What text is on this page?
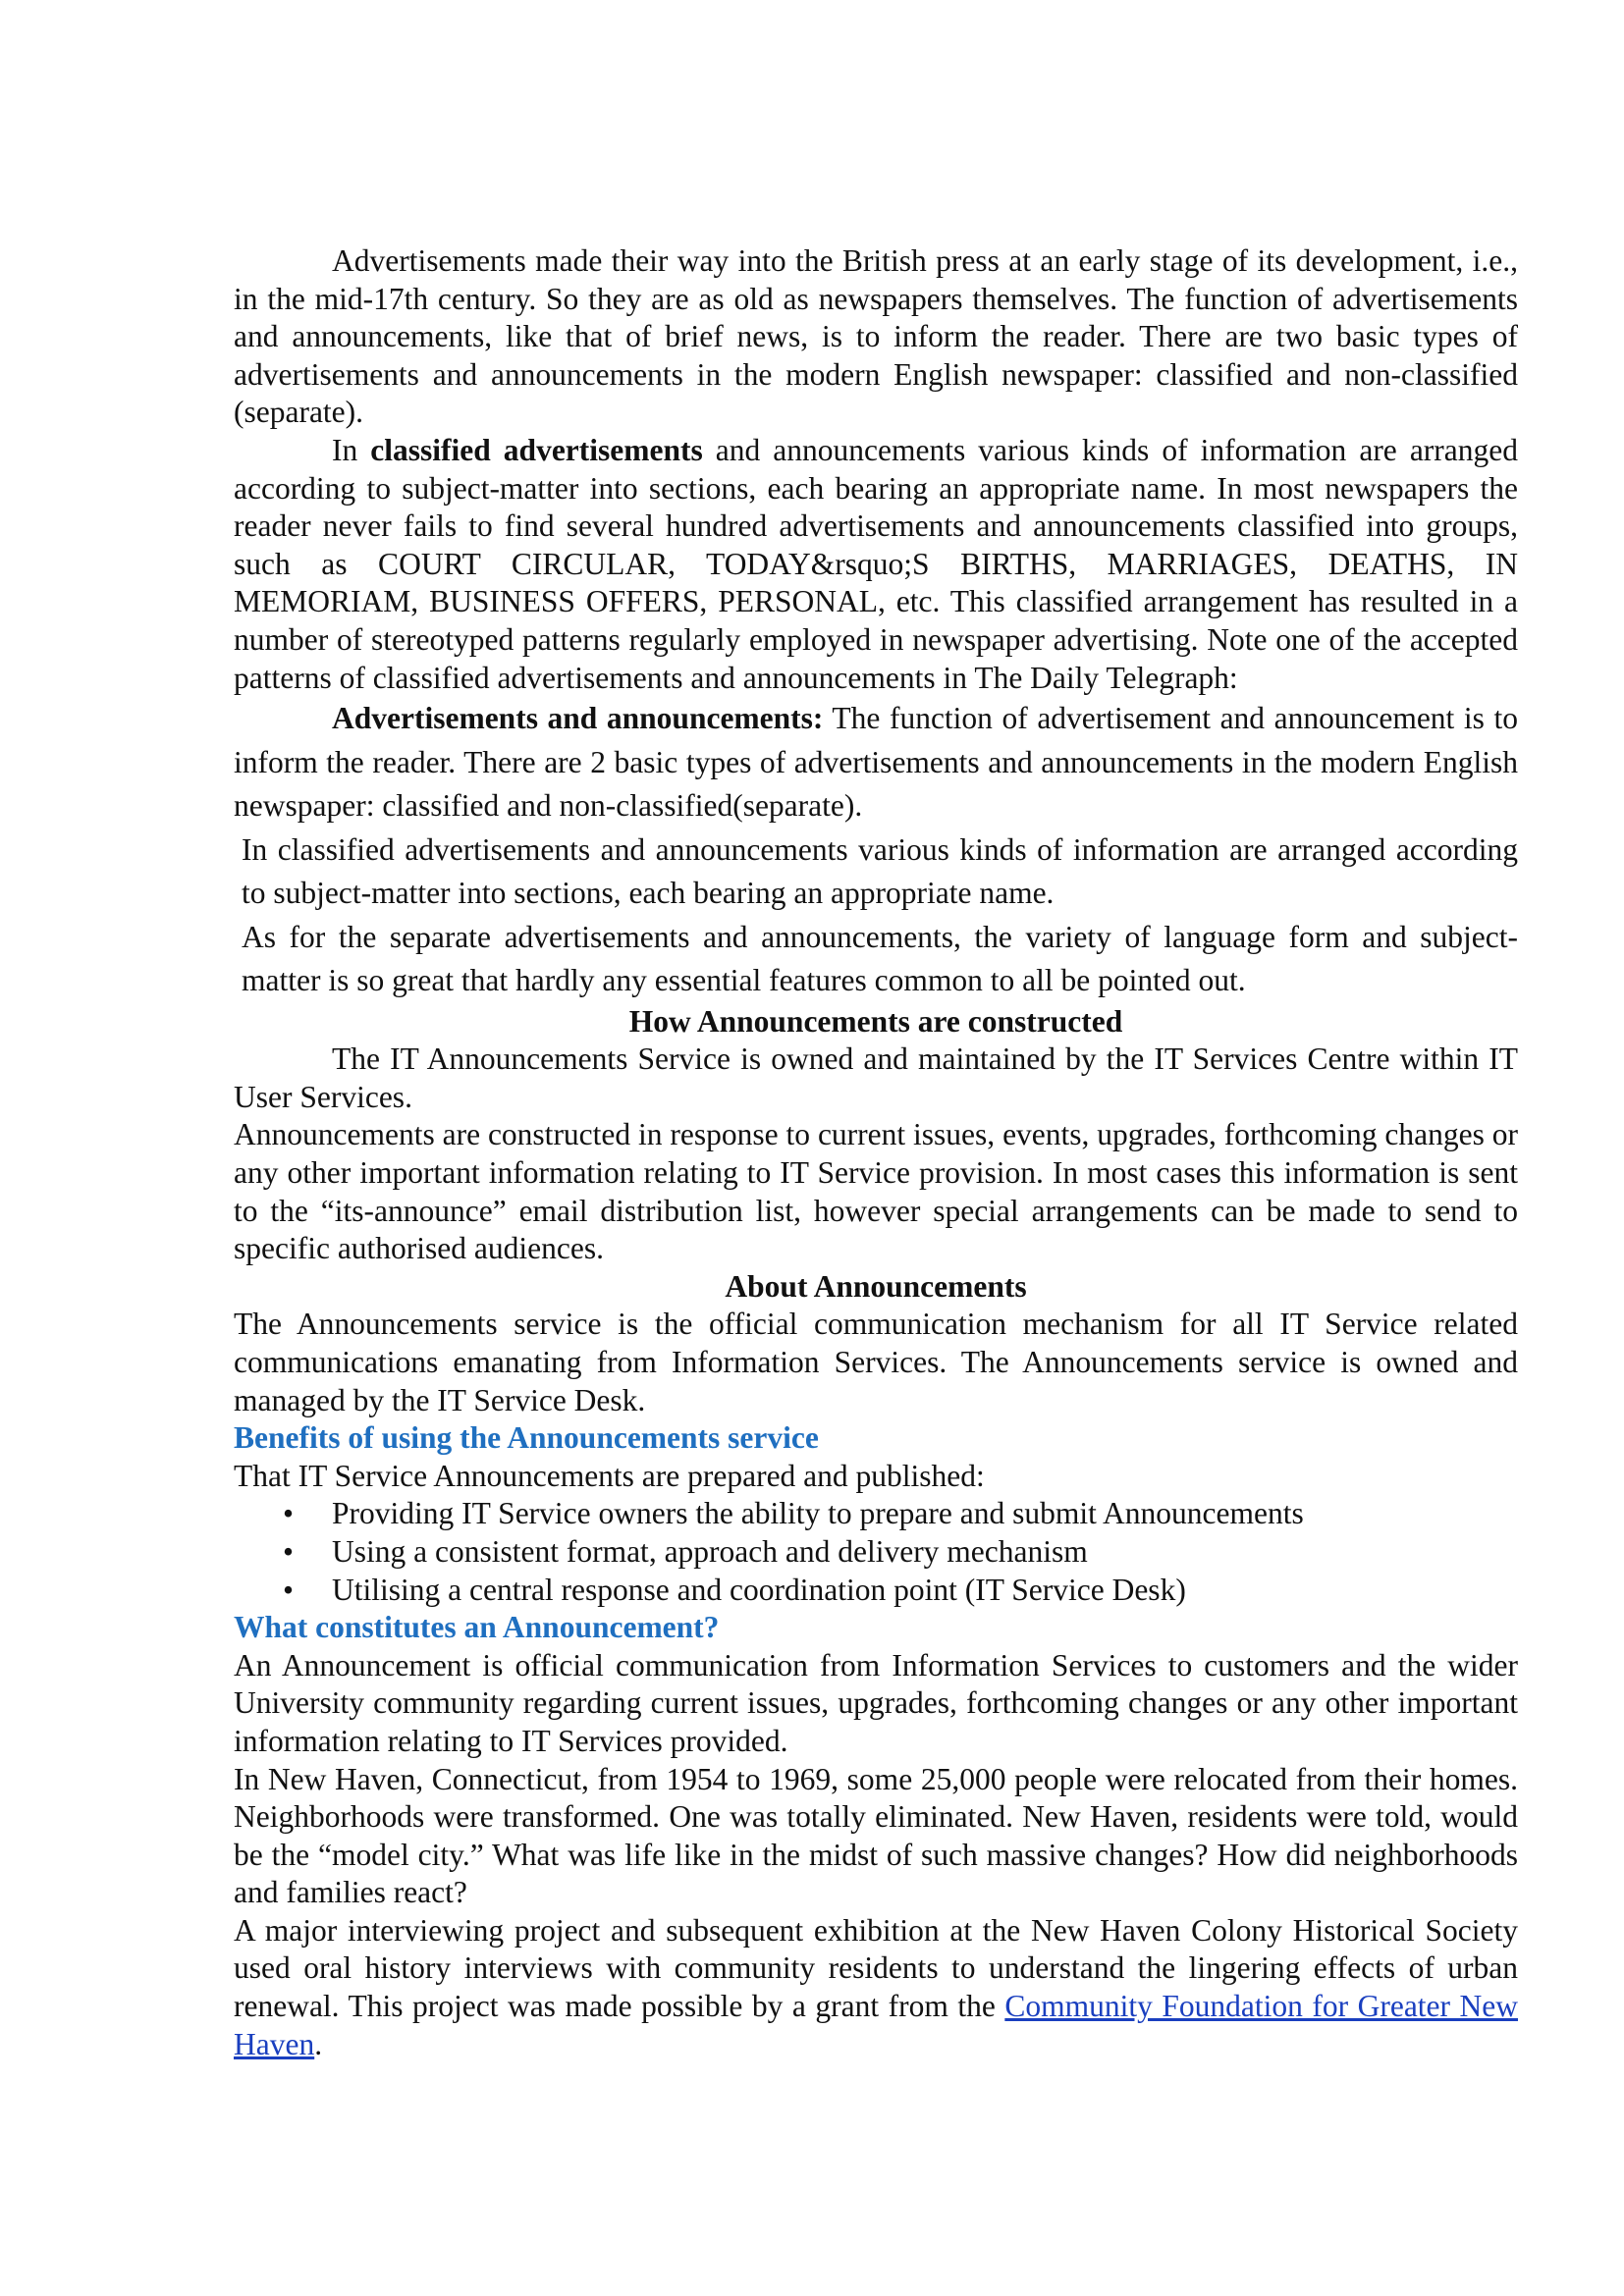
Advertisements made their way into the British press at an early stage of its development, i.e., in the mid-17th century. So they are as old as newspapers themselves. The function of advertisements and announcements, like that of brief news, is to inform the reader. There are two basic types of advertisements and announcements in the modern English newspaper: classified and non-classified (separate).

In classified advertisements and announcements various kinds of information are arranged according to subject-matter into sections, each bearing an appropriate name. In most newspapers the reader never fails to find several hundred advertisements and announcements classified into groups, such as COURT CIRCULAR, TODAY&rsquo;S BIRTHS, MARRIAGES, DEATHS, IN MEMORIAM, BUSINESS OFFERS, PERSONAL, etc. This classified arrangement has resulted in a number of stereotyped patterns regularly employed in newspaper advertising. Note one of the accepted patterns of classified advertisements and announcements in The Daily Telegraph:

Advertisements and announcements: The function of advertisement and announcement is to inform the reader. There are 2 basic types of advertisements and announcements in the modern English newspaper: classified and non-classified(separate).

In classified advertisements and announcements various kinds of information are arranged according to subject-matter into sections, each bearing an appropriate name.

As for the separate advertisements and announcements, the variety of language form and subject-matter is so great that hardly any essential features common to all be pointed out.

How Announcements are constructed

The IT Announcements Service is owned and maintained by the IT Services Centre within IT User Services.

Announcements are constructed in response to current issues, events, upgrades, forthcoming changes or any other important information relating to IT Service provision. In most cases this information is sent to the “its-announce” email distribution list, however special arrangements can be made to send to specific authorised audiences.

About Announcements

The Announcements service is the official communication mechanism for all IT Service related communications emanating from Information Services. The Announcements service is owned and managed by the IT Service Desk.

Benefits of using the Announcements service

That IT Service Announcements are prepared and published:

• Providing IT Service owners the ability to prepare and submit Announcements
• Using a consistent format, approach and delivery mechanism
• Utilising a central response and coordination point (IT Service Desk)

What constitutes an Announcement?

An Announcement is official communication from Information Services to customers and the wider University community regarding current issues, upgrades, forthcoming changes or any other important information relating to IT Services provided.

In New Haven, Connecticut, from 1954 to 1969, some 25,000 people were relocated from their homes. Neighborhoods were transformed. One was totally eliminated. New Haven, residents were told, would be the “model city.” What was life like in the midst of such massive changes? How did neighborhoods and families react?

A major interviewing project and subsequent exhibition at the New Haven Colony Historical Society used oral history interviews with community residents to understand the lingering effects of urban renewal. This project was made possible by a grant from the Community Foundation for Greater New Haven.
